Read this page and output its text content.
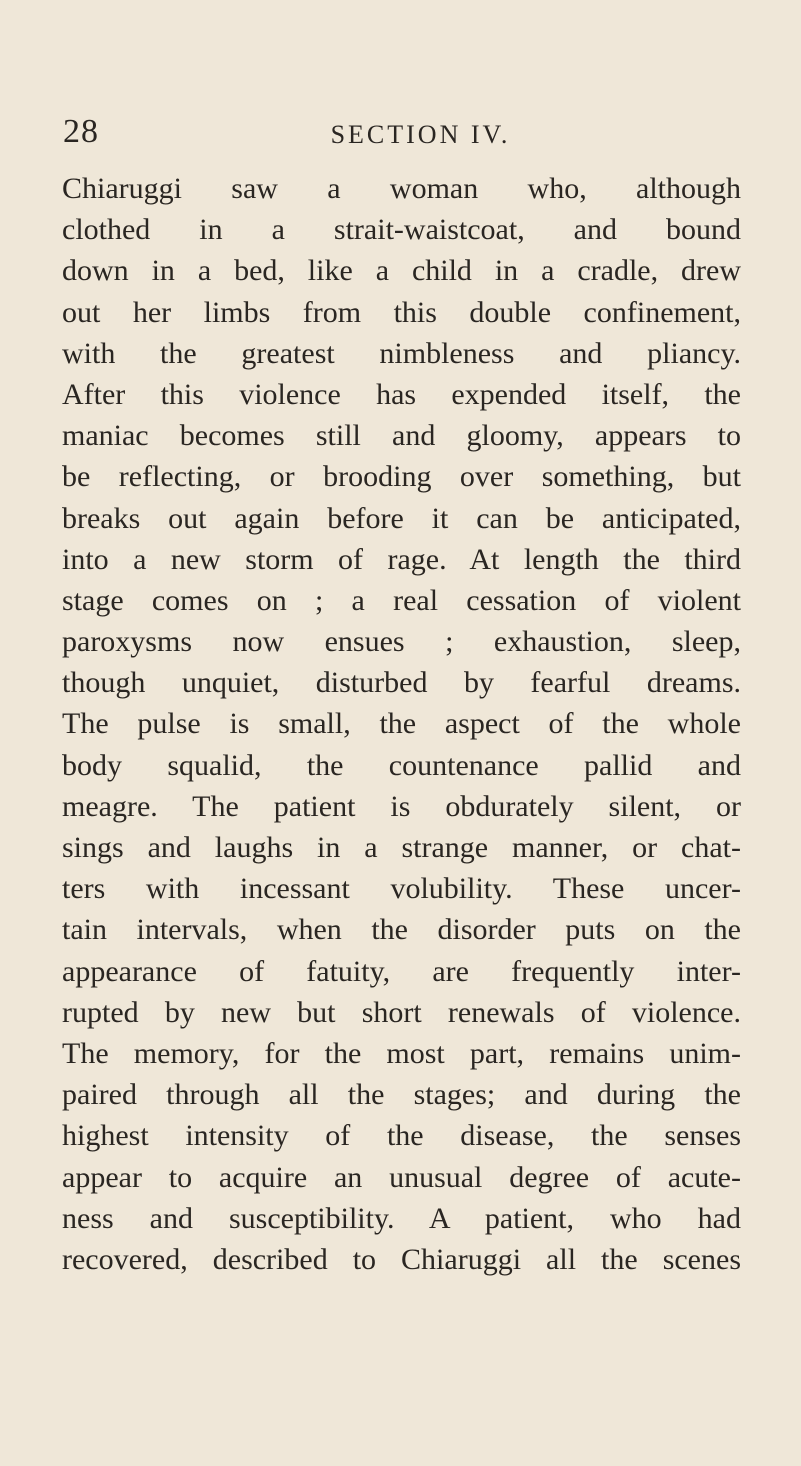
28	SECTION IV.
Chiaruggi saw a woman who, although
clothed in a strait-waistcoat, and bound
down in a bed, like a child in a cradle, drew
out her limbs from this double confinement,
with the greatest nimbleness and pliancy.
After this violence has expended itself, the
maniac becomes still and gloomy, appears to
be reflecting, or brooding over something, but
breaks out again before it can be anticipated,
into a new storm of rage. At length the third
stage comes on ; a real cessation of violent
paroxysms now ensues ; exhaustion, sleep,
though unquiet, disturbed by fearful dreams.
The pulse is small, the aspect of the whole
body squalid, the countenance pallid and
meagre. The patient is obdurately silent, or
sings and laughs in a strange manner, or chat-
ters with incessant volubility. These uncer-
tain intervals, when the disorder puts on the
appearance of fatuity, are frequently inter-
rupted by new but short renewals of violence.
The memory, for the most part, remains unim-
paired through all the stages; and during the
highest intensity of the disease, the senses
appear to acquire an unusual degree of acute-
ness and susceptibility. A patient, who had
recovered, described to Chiaruggi all the scenes
